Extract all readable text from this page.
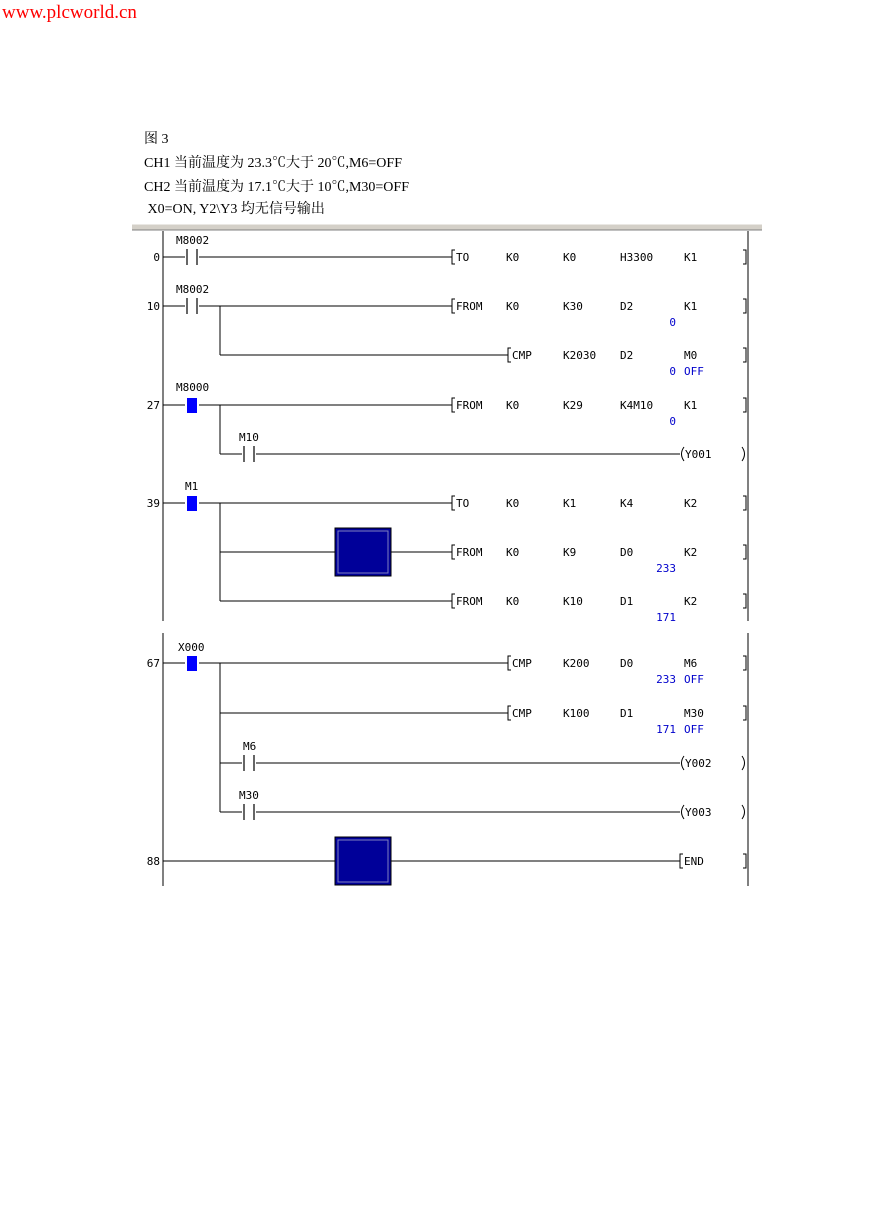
www.plcworld.cn
图 3
CH1 当前温度为 23.3℃大于 20℃,M6=OFF
CH2 当前温度为 17.1℃大于 10℃,M30=OFF
X0=ON, Y2\Y3 均无信号输出
0
10
27
39
67
88
M8002
M8002
M8000
M10
M1
X000
M6
M30
TO	K0	K0	H3300	K1
FROM K0	K30	D2	K1
0
CMP	K2030 D2	M0
0 OFF
FROM K0	K29	K4M10	K1
0
Y001
TO	K0	K1	K4	K2
FROM K0	K9	D0	K2
233
FROM K0	K10	D1	K2
171
CMP	K200	D0	M6
233 OFF
CMP	K100	D1	M30
171 OFF
Y002
Y003
END
